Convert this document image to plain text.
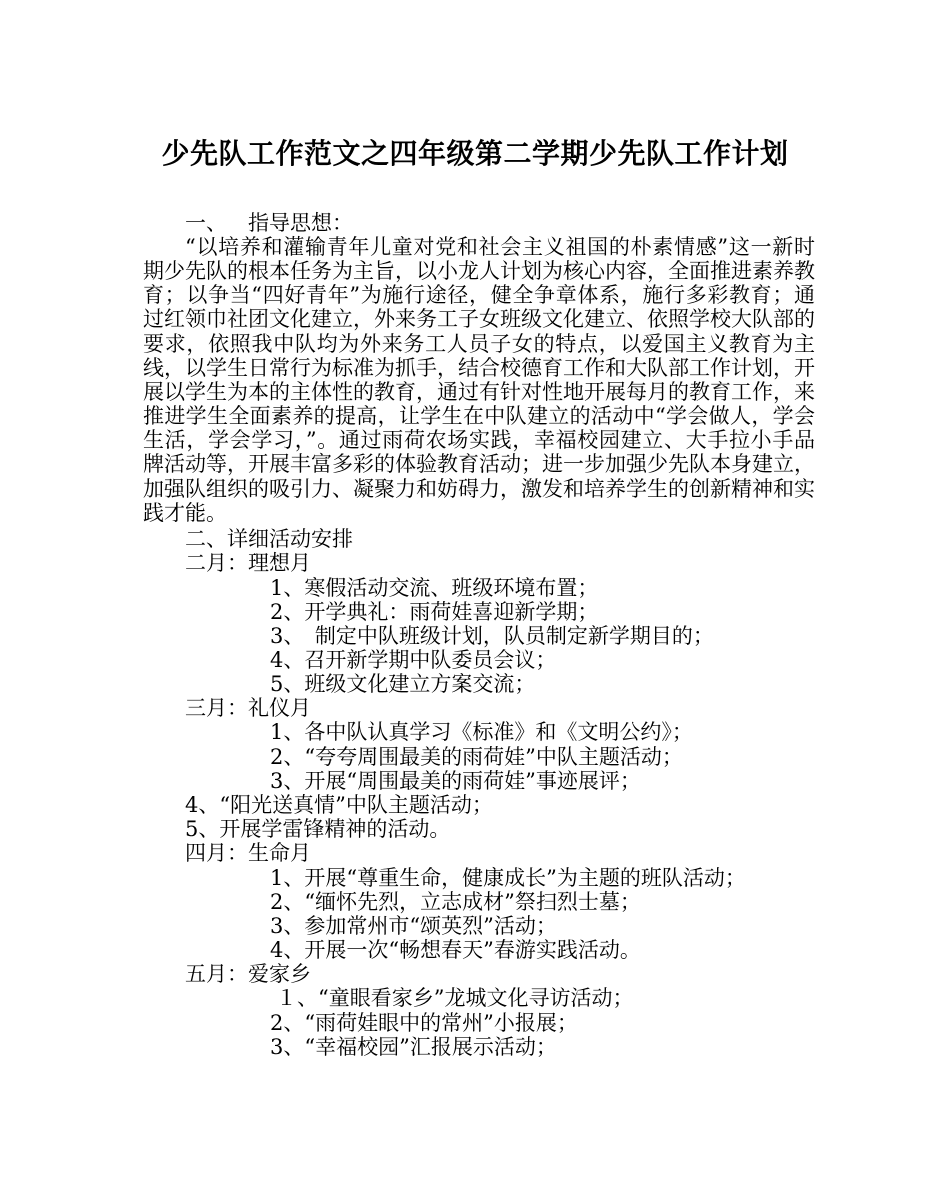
少先队工作范文之四年级第二学期少先队工作计划
一、 指导思想：
“以培养和灌输青年儿童对党和社会主义祖国的朴素情感”这一新时期少先队的根本任务为主旨，以小龙人计划为核心内容，全面推进素养教育；以争当“四好青年”为施行途径，健全争章体系，施行多彩教育；通过红领巾社团文化建立，外来务工子女班级文化建立、依照学校大队部的要求，依照我中队均为外来务工人员子女的特点，以爱国主义教育为主线，以学生日常行为标准为抓手，结合校德育工作和大队部工作计划，开展以学生为本的主体性的教育，通过有针对性地开展每月的教育工作，来推进学生全面素养的提高，让学生在中队建立的活动中“学会做人，学会生活，学会学习，”。通过雨荷农场实践，幸福校园建立、大手拉小手品牌活动等，开展丰富多彩的体验教育活动；进一步加强少先队本身建立，加强队组织的吸引力、凝聚力和妨碍力，激发和培养学生的创新精神和实践才能。
二、详细活动安排
二月：理想月
1、寒假活动交流、班级环境布置；
2、开学典礼：雨荷娃喜迎新学期；
3、　制定中队班级计划，队员制定新学期目的；
4、召开新学期中队委员会议；
5、班级文化建立方案交流；
三月：礼仪月
1、各中队认真学习《标准》和《文明公约》；
2、“夸夸周围最美的雨荷娃”中队主题活动；
3、开展“周围最美的雨荷娃”事迹展评；
4、“阳光送真情”中队主题活动；
5、开展学雷锋精神的活动。
四月：生命月
1、开展“尊重生命，健康成长”为主题的班队活动；
2、“缅怀先烈，立志成材”祭扫烈士墓；
3、参加常州市“颂英烈”活动；
4、开展一次“畅想春天”春游实践活动。
五月：爱家乡
１、“童眼看家乡”龙城文化寻访活动；
2、“雨荷娃眼中的常州”小报展；
3、“幸福校园”汇报展示活动；
